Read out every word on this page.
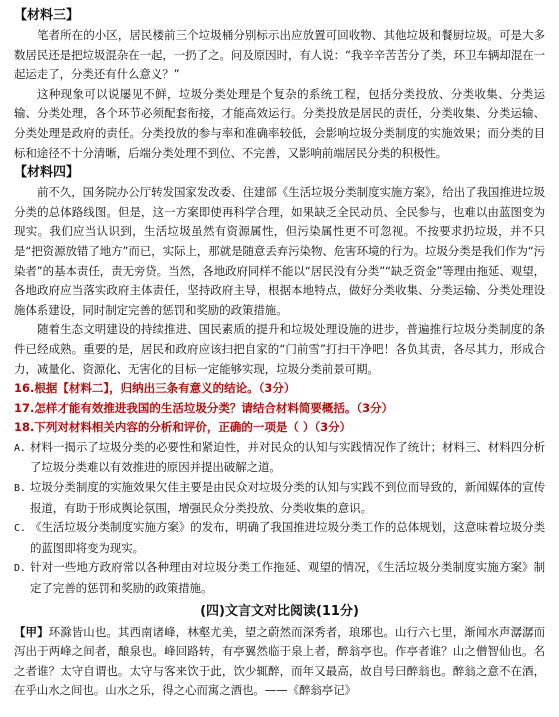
【材料三】

笔者所在的小区，居民楼前三个垃圾桶分别标示出应放置可回收物、其他垃圾和餐厨垃圾。可是大多数居民还是把垃圾混杂在一起，一扔了之。问及原因时，有人说：“我辛辛苦苦分了类，环卫车辆却混在一起运走了，分类还有什么意义？”

这种现象可以说屡见不鲜，垃圾分类处理是个复杂的系统工程，包括分类投放、分类收集、分类运输、分类处理，各个环节必须配套衔接，才能高效运行。分类投放是居民的责任，分类收集、分类运输、分类处理是政府的责任。分类投放的参与率和准确率较低，会影响垃圾分类制度的实施效果；而分类的目标和途径不十分清晰，后端分类处理不到位、不完善，又影响前端居民分类的积极性。

【材料四】

前不久，国务院办公厅转发国家发改委、住建部《生活垃圾分类制度实施方案》，给出了我国推进垃圾分类的总体路线图。但是，这一方案即使再科学合理，如果缺乏全民动员、全民参与，也难以由蓝图变为现实。我们应当认识到，生活垃圾虽然有资源属性，但污染属性更不可忽视。不按要求扔垃圾，并不只是“把资源放错了地方”而已，实际上，那就是随意丢弃污染物、危害环境的行为。垃圾分类是我们作为“污染者”的基本责任，责无旁贷。当然，各地政府同样不能以“居民没有分类”“缺乏资金”等理由拖延、观望，各地政府应当落实政府主体责任，坚持政府主导，根据本地特点，做好分类收集、分类运输、分类处理设施体系建设，同时制定完善的惩罚和奖励的政策措施。

随着生态文明建设的持续推进、国民素质的提升和垃圾处理设施的进步，普遍推行垃圾分类制度的条件已经成熟。重要的是，居民和政府应该扫把自家的“门前雪”打扫干净吧！各负其责，各尽其力，形成合力，减量化、资源化、无害化的目标一定能够实现，垃圾分类前景可期。

16.根据【材料二】，归纳出三条有意义的结论。（3分）

17.怎样才能有效推进我国的生活垃圾分类？请结合材料简要概括。（3分）

18.下列对材料相关内容的分析和评价，正确的一项是（ ）（3分）

A. 材料一揭示了垃圾分类的必要性和紧迫性，并对民众的认知与实践情况作了统计；材料三、材料四分析了垃圾分类难以有效推进的原因并提出破解之道。

B. 垃圾分类制度的实施效果欠佳主要是由民众对垃圾分类的认知与实践不到位而导致的，新闻媒体的宣传报道，有助于形成舆论氛围，增强民众分类投放、分类收集的意识。

C. 《生活垃圾分类制度实施方案》的发布，明确了我国推进垃圾分类工作的总体规划，这意味着垃圾分类的蓝图即将变为现实。

D. 针对一些地方政府常以各种理由对垃圾分类工作拖延、观望的情况，《生活垃圾分类制度实施方案》制定了完善的惩罚和奖励的政策措施。

(四)文言文对比阅读(11分)

【甲】环滁皆山也。其西南诸峰，林壑尤美，望之蔚然而深秀者，琅琊也。山行六七里，渐闻水声潺潺而泻出于两峰之间者，酿泉也。峰回路转，有亭翼然临于泉上者，醉翁亭也。作亭者谁？山之僧智仙也。名之者谁？太守自谓也。太守与客来饮于此，饮少辄醉，而年又最高，故自号曰醉翁也。醉翁之意不在酒，在乎山水之间也。山水之乐，得之心而寓之酒也。——《醉翁亭记》
